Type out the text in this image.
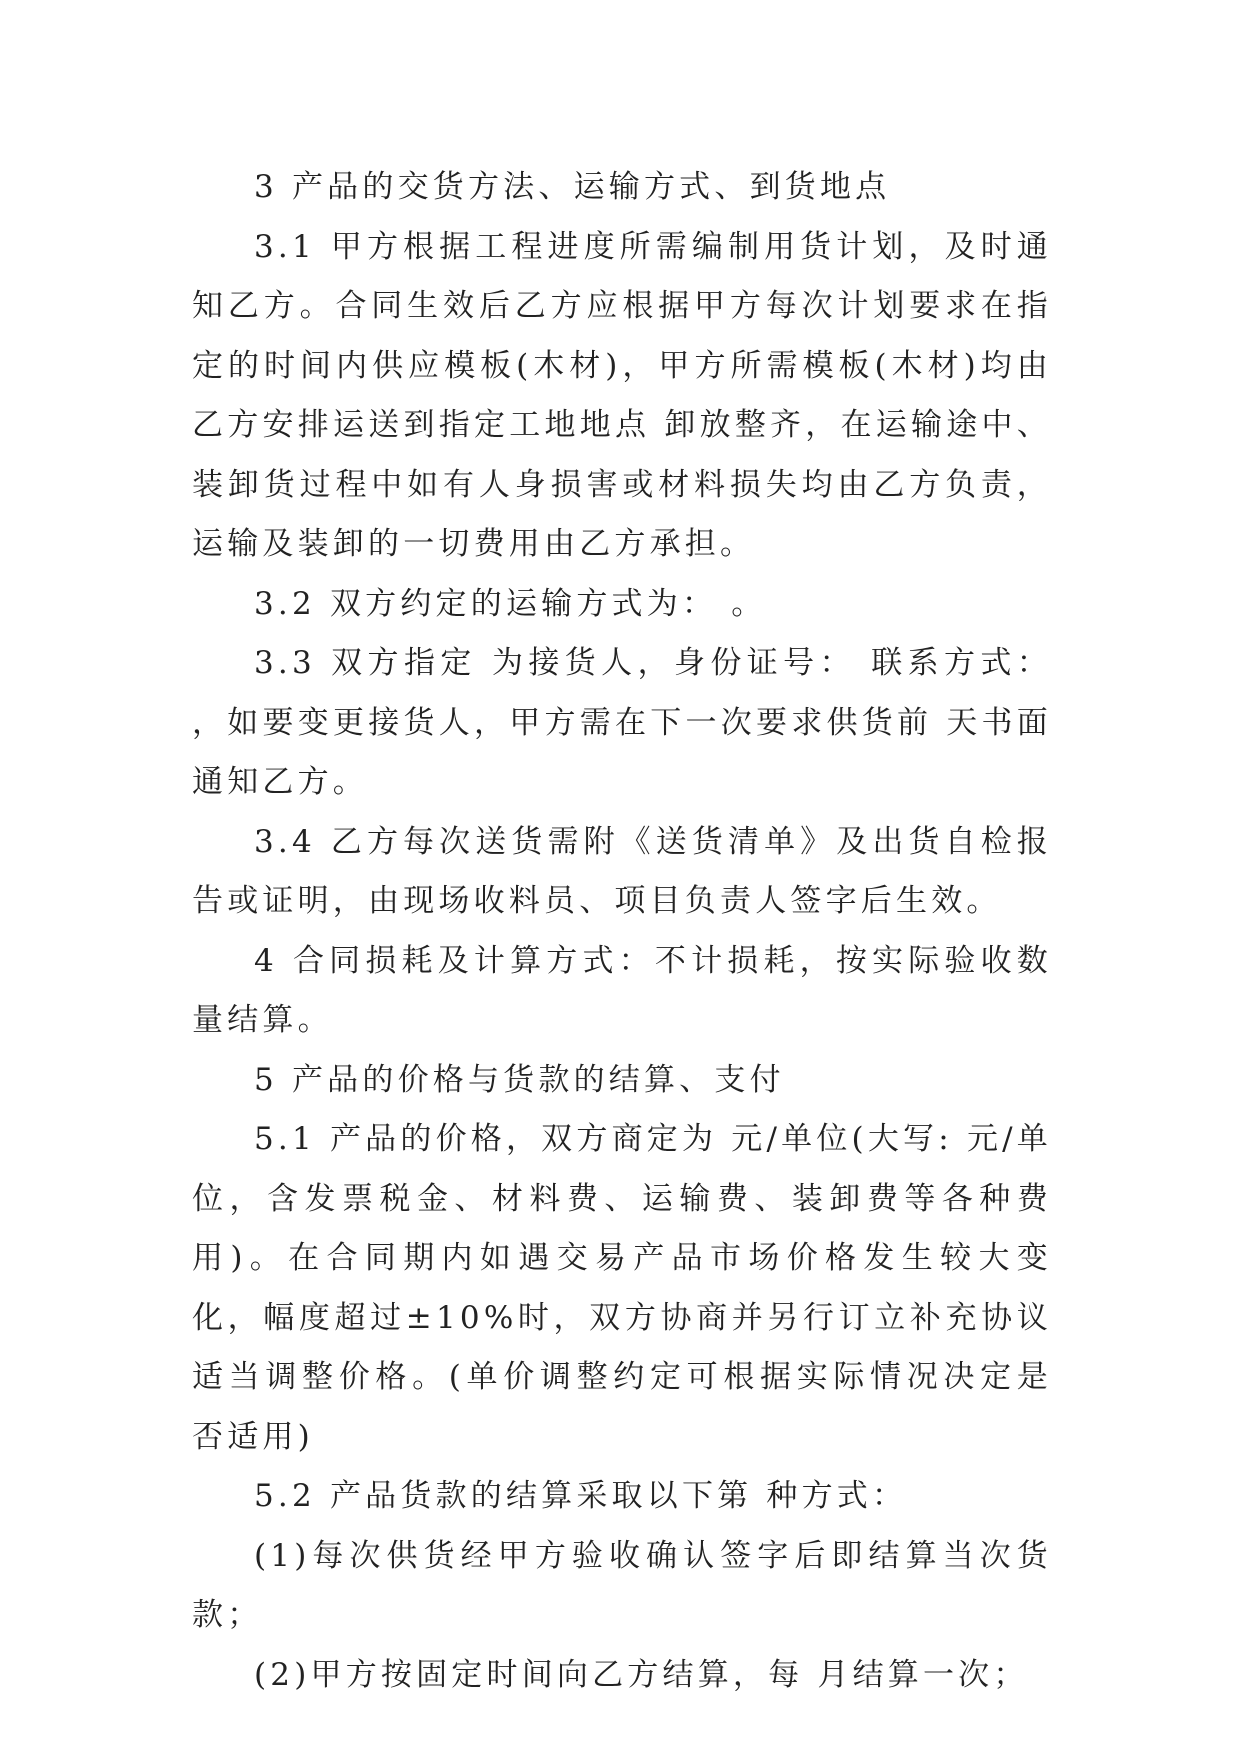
3 产品的交货方法、运输方式、到货地点

3.1 甲方根据工程进度所需编制用货计划，及时通知乙方。合同生效后乙方应根据甲方每次计划要求在指定的时间内供应模板(木材)，甲方所需模板(木材)均由乙方安排运送到指定工地地点 卸放整齐，在运输途中、装卸货过程中如有人身损害或材料损失均由乙方负责，运输及装卸的一切费用由乙方承担。

3.2 双方约定的运输方式为： 。

3.3 双方指定 为接货人，身份证号： 联系方式： ，如要变更接货人，甲方需在下一次要求供货前 天书面通知乙方。

3.4 乙方每次送货需附《送货清单》及出货自检报告或证明，由现场收料员、项目负责人签字后生效。

4 合同损耗及计算方式：不计损耗，按实际验收数量结算。

5 产品的价格与货款的结算、支付

5.1 产品的价格，双方商定为 元/单位(大写: 元/单位，含发票税金、材料费、运输费、装卸费等各种费用)。在合同期内如遇交易产品市场价格发生较大变化，幅度超过±10%时，双方协商并另行订立补充协议适当调整价格。(单价调整约定可根据实际情况决定是否适用)

5.2 产品货款的结算采取以下第 种方式：

(1)每次供货经甲方验收确认签字后即结算当次货款；

(2)甲方按固定时间向乙方结算，每 月结算一次；
